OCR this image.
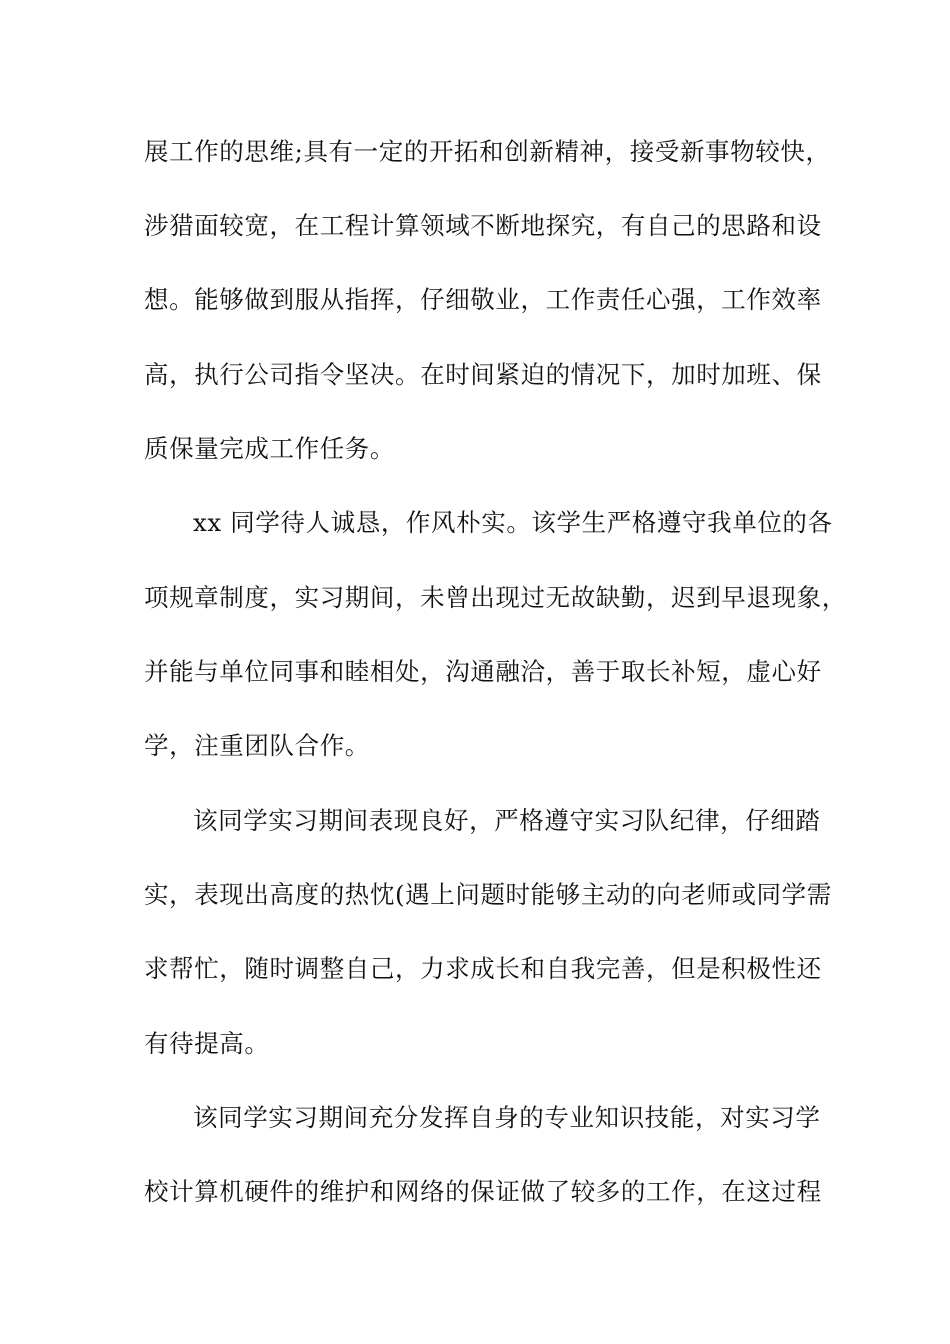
展工作的思维;具有一定的开拓和创新精神，接受新事物较快，
涉猎面较宽，在工程计算领域不断地探究，有自己的思路和设
想。能够做到服从指挥，仔细敬业，工作责任心强，工作效率
高，执行公司指令坚决。在时间紧迫的情况下，加时加班、保
质保量完成工作任务。
xx 同学待人诚恳，作风朴实。该学生严格遵守我单位的各
项规章制度，实习期间，未曾出现过无故缺勤，迟到早退现象，
并能与单位同事和睦相处，沟通融洽，善于取长补短，虚心好
学，注重团队合作。
该同学实习期间表现良好，严格遵守实习队纪律，仔细踏
实，表现出高度的热忱(遇上问题时能够主动的向老师或同学需
求帮忙，随时调整自己，力求成长和自我完善，但是积极性还
有待提高。
该同学实习期间充分发挥自身的专业知识技能，对实习学
校计算机硬件的维护和网络的保证做了较多的工作，在这过程
